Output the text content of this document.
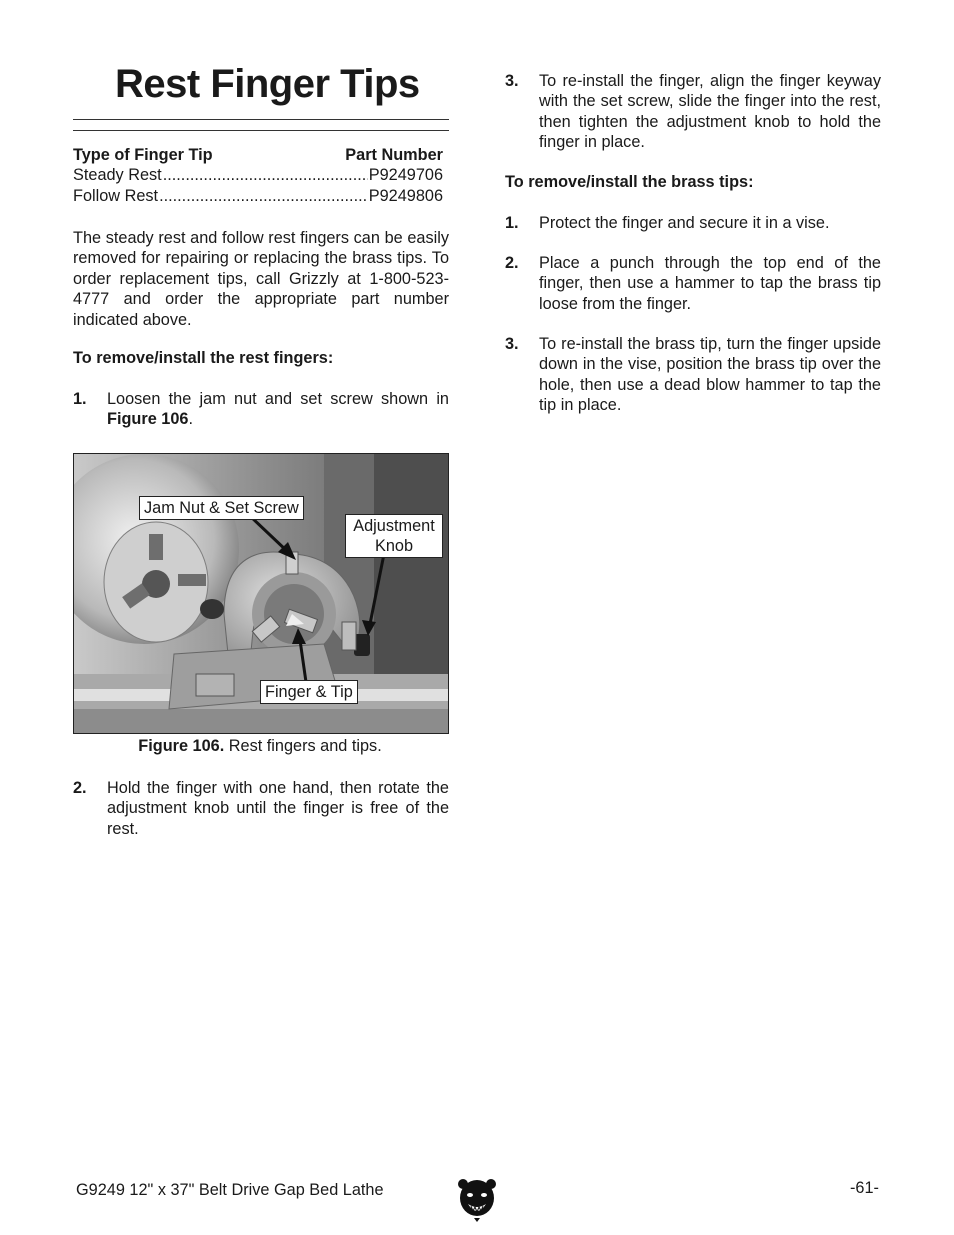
Rest Finger Tips
Type of Finger Tip	Part Number
Steady Rest .....	P9249706
Follow Rest .....	P9249806
The steady rest and follow rest fingers can be easily removed for repairing or replacing the brass tips. To order replacement tips, call Grizzly at 1-800-523-4777 and order the appropriate part number indicated above.
To remove/install the rest fingers:
1.	Loosen the jam nut and set screw shown in Figure 106.
Jam Nut & Set Screw
Adjustment
Knob
Finger & Tip
Figure 106. Rest fingers and tips.
2.	Hold the finger with one hand, then rotate the adjustment knob until the finger is free of the rest.
3.	To re-install the finger, align the finger keyway with the set screw, slide the finger into the rest, then tighten the adjustment knob to hold the finger in place.
To remove/install the brass tips:
1.	Protect the finger and secure it in a vise.
2.	Place a punch through the top end of the finger, then use a hammer to tap the brass tip loose from the finger.
3.	To re-install the brass tip, turn the finger upside down in the vise, position the brass tip over the hole, then use a dead blow hammer to tap the tip in place.
G9249 12" x 37" Belt Drive Gap Bed Lathe	-61-
